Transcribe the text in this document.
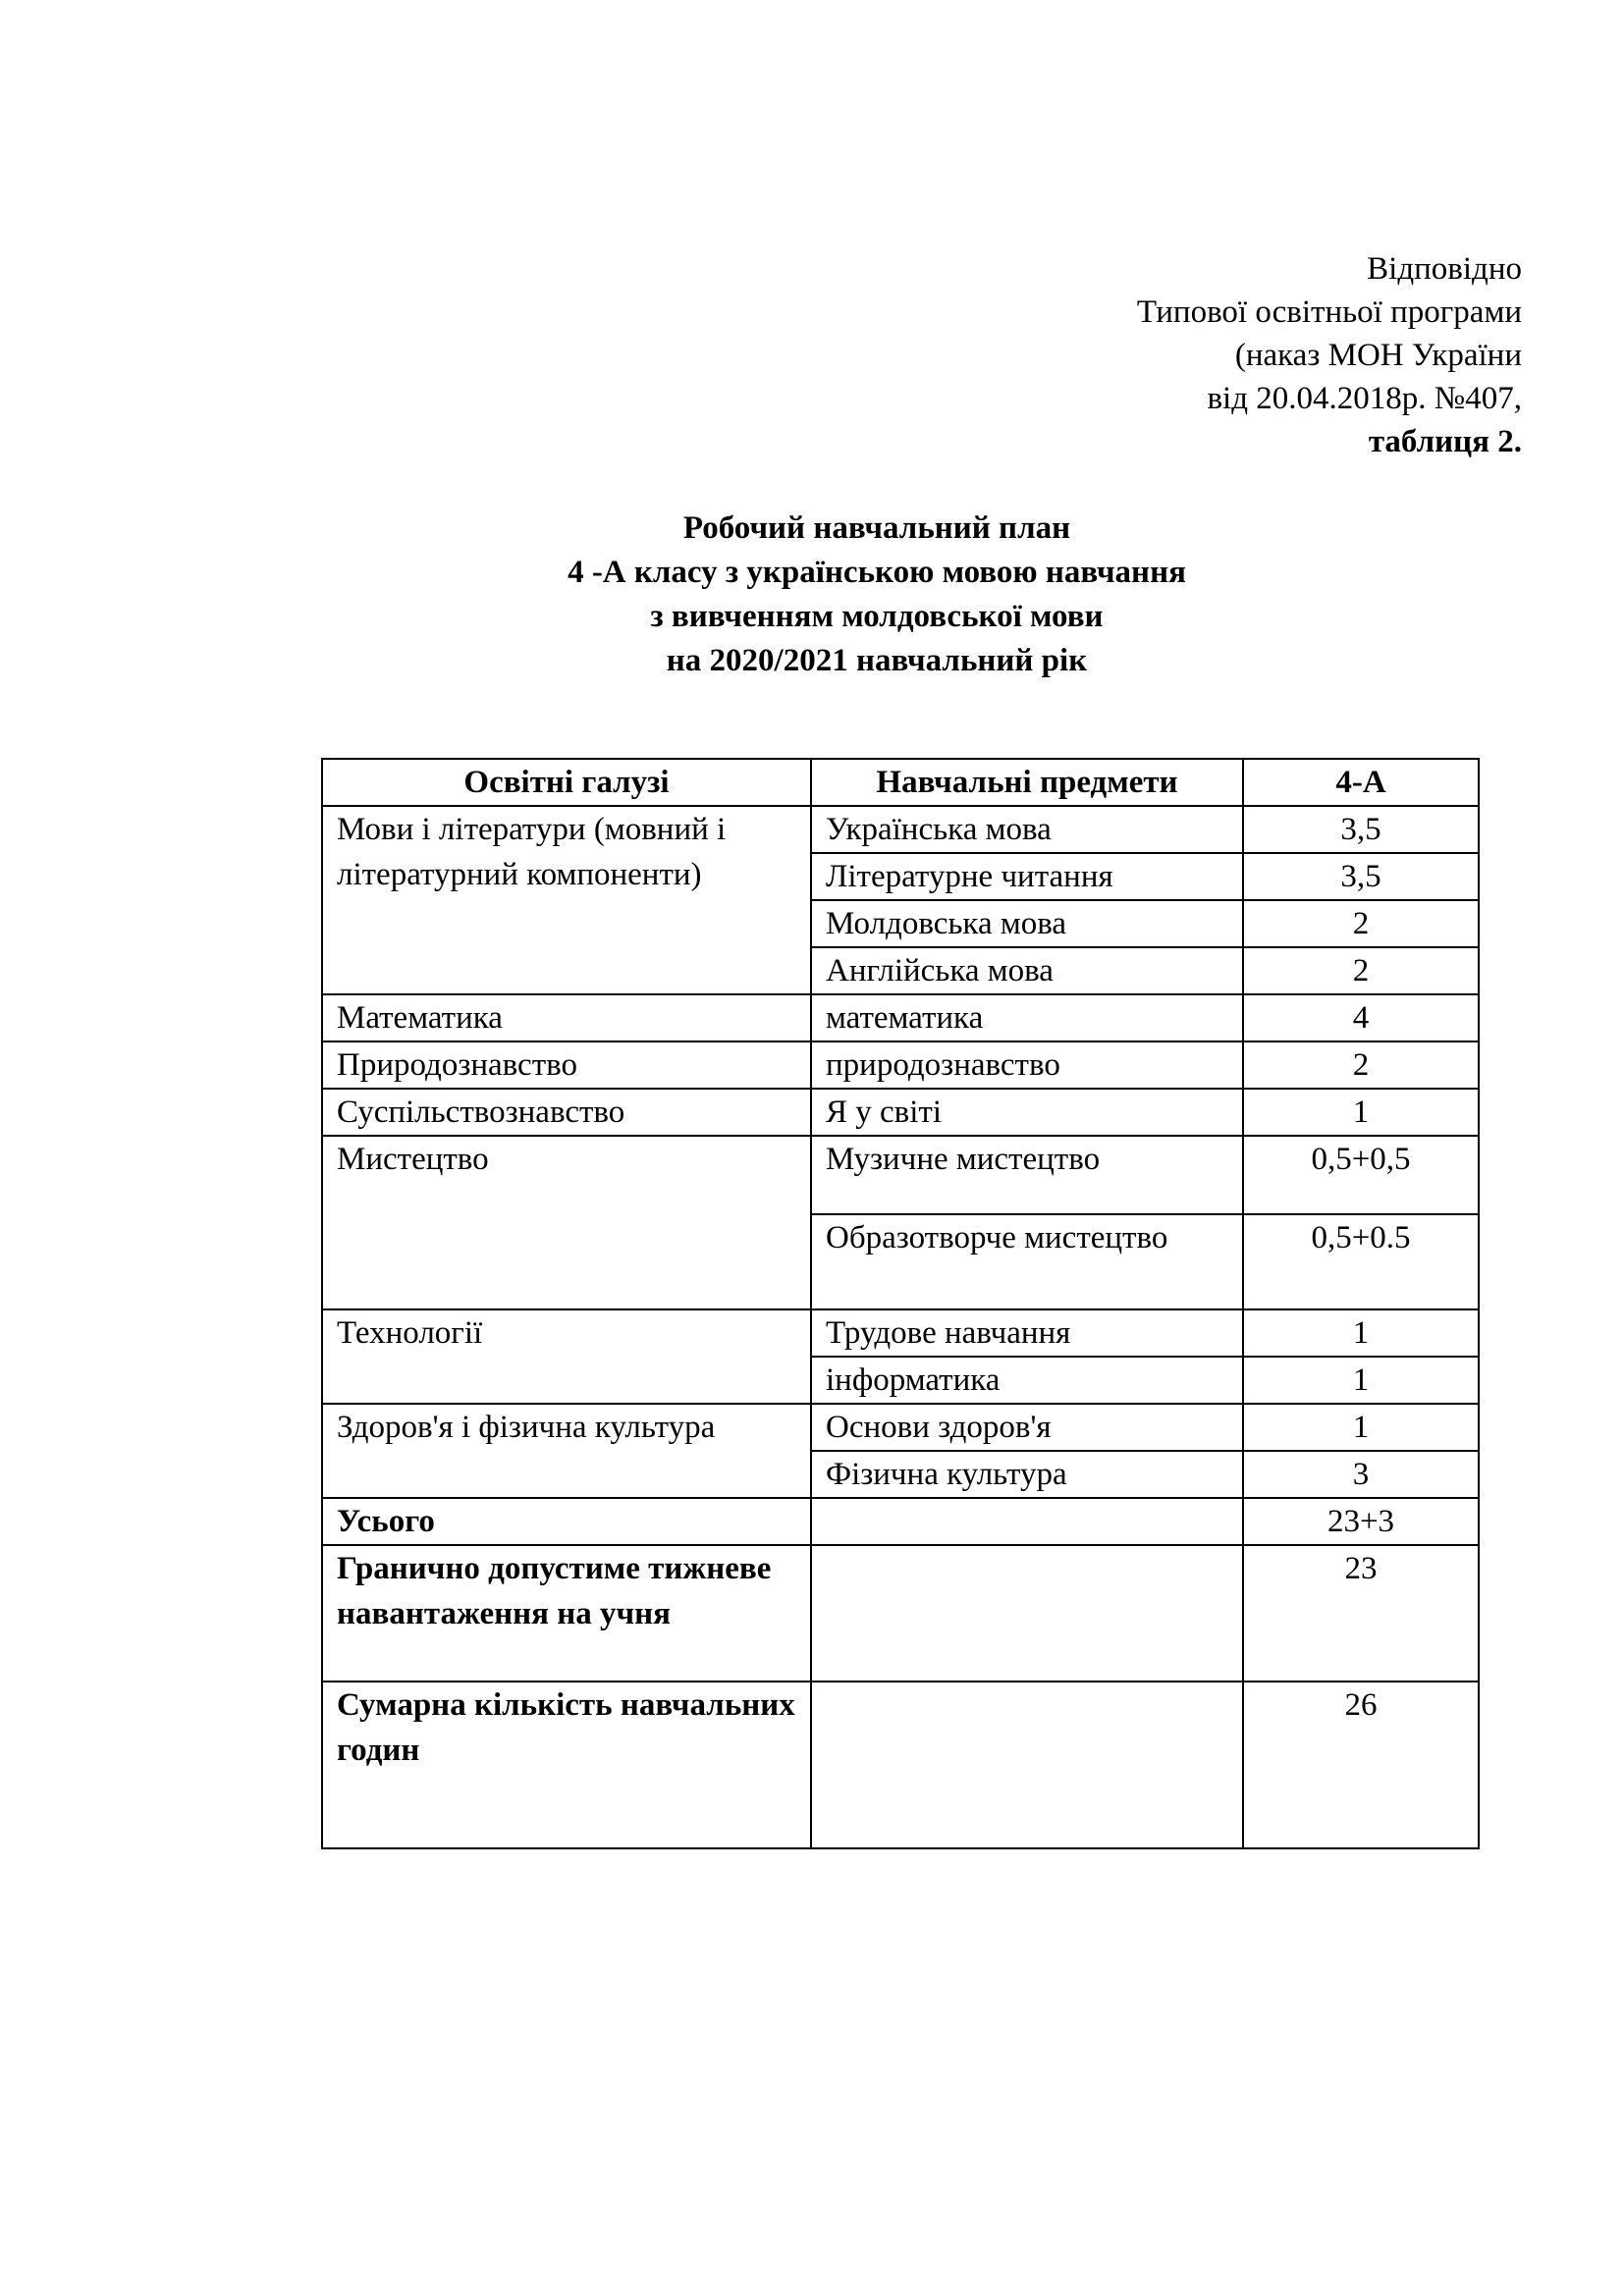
Відповідно
Типової освітньої програми
(наказ МОН України
від 20.04.2018р. №407,
таблиця 2.
Робочий навчальний план
4 -А класу з українською мовою навчання
з вивченням молдовської мови
на 2020/2021 навчальний рік
Освітні галузі	Навчальні предмети	4-А
Мови і літератури (мовний і літературний компоненти)	Українська мова	3,5
	Літературне читання	3,5
	Молдовська мова	2
	Англійська мова	2
Математика	математика	4
Природознавство	природознавство	2
Суспільствознавство	Я у світі	1
Мистецтво	Музичне мистецтво	0,5+0,5
	Образотворче мистецтво	0,5+0.5
Технології	Трудове навчання	1
	інформатика	1
Здоров'я і фізична культура	Основи здоров'я	1
	Фізична культура	3
Усього		23+3
Гранично допустиме тижневе навантаження на учня		23
Сумарна кількість навчальних годин		26
